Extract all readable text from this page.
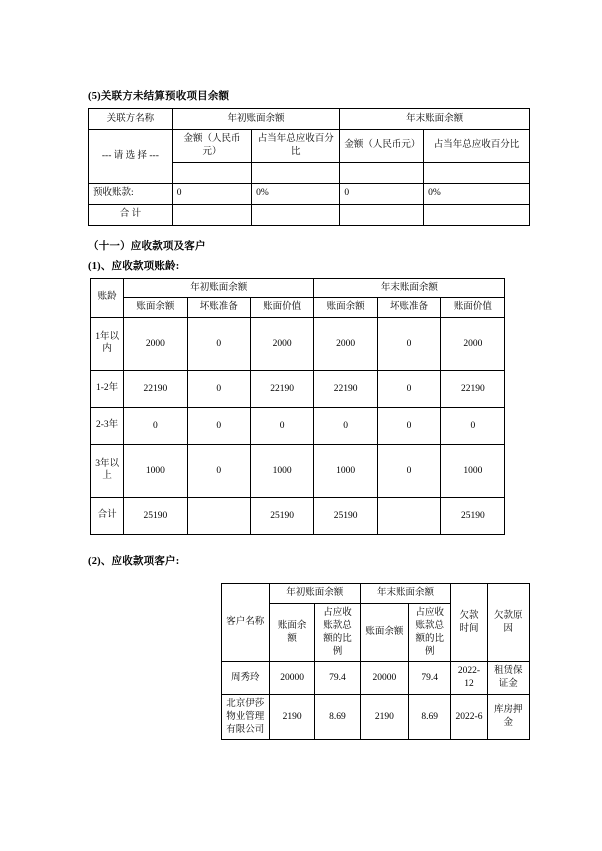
(5)关联方未结算预收项目余额
关联方名称	年初账面余额		年末账面余额	
--- 请 选 择 ---	金额（人民币元）	占当年总应收百分比	金额（人民币元）	占当年总应收百分比

预收账款:	0	0%	0	0%
合 计				
（十一）应收款项及客户
(1)、应收款项账龄:
账龄	年初账面余额			年末账面余额		
	账面余额	坏账准备	账面价值	账面余额	坏账准备	账面价值
1年以内	2000	0	2000	2000	0	2000
1-2年	22190	0	22190	22190	0	22190
2-3年	0	0	0	0	0	0
3年以上	1000	0	1000	1000	0	1000
合计	25190		25190	25190		25190
(2)、应收款项客户:
客户名称	年初账面余额		年末账面余额		欠款时间	欠款原因
	账面余额	占应收账款总额的比例	账面余额	占应收账款总额的比例		
周秀玲	20000	79.4	20000	79.4	2022-12	租赁保证金
北京伊莎物业管理有限公司	2190	8.69	2190	8.69	2022-6	库房押金
